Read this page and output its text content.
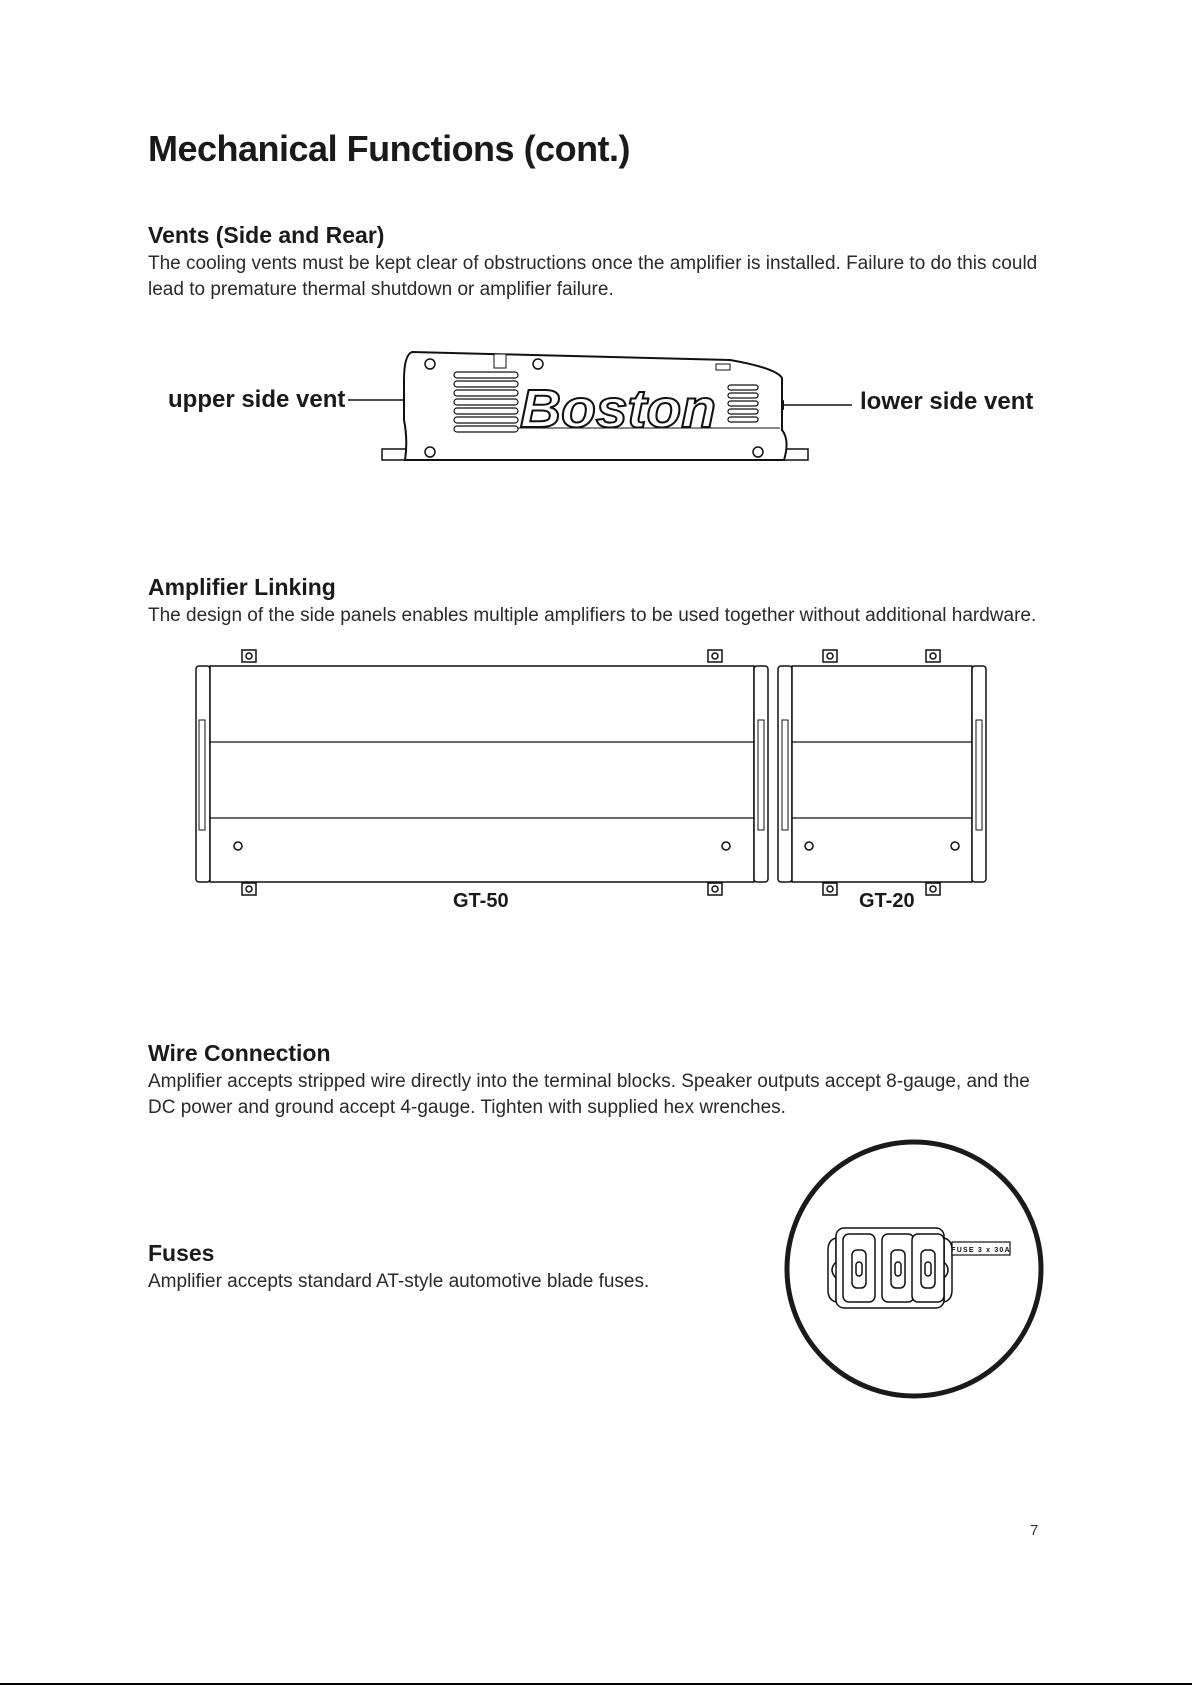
Mechanical Functions (cont.)
Vents (Side and Rear)
The cooling vents must be kept clear of obstructions once the amplifier is installed. Failure to do this could
lead to premature thermal shutdown or amplifier failure.
upper side vent	lower side vent
Boston
Amplifier Linking
The design of the side panels enables multiple amplifiers to be used together without additional hardware.
GT-50	GT-20
Wire Connection
Amplifier accepts stripped wire directly into the terminal blocks. Speaker outputs accept 8-gauge, and the
DC power and ground accept 4-gauge. Tighten with supplied hex wrenches.
Fuses
Amplifier accepts standard AT-style automotive blade fuses.
FUSE 3 x 30A
7
